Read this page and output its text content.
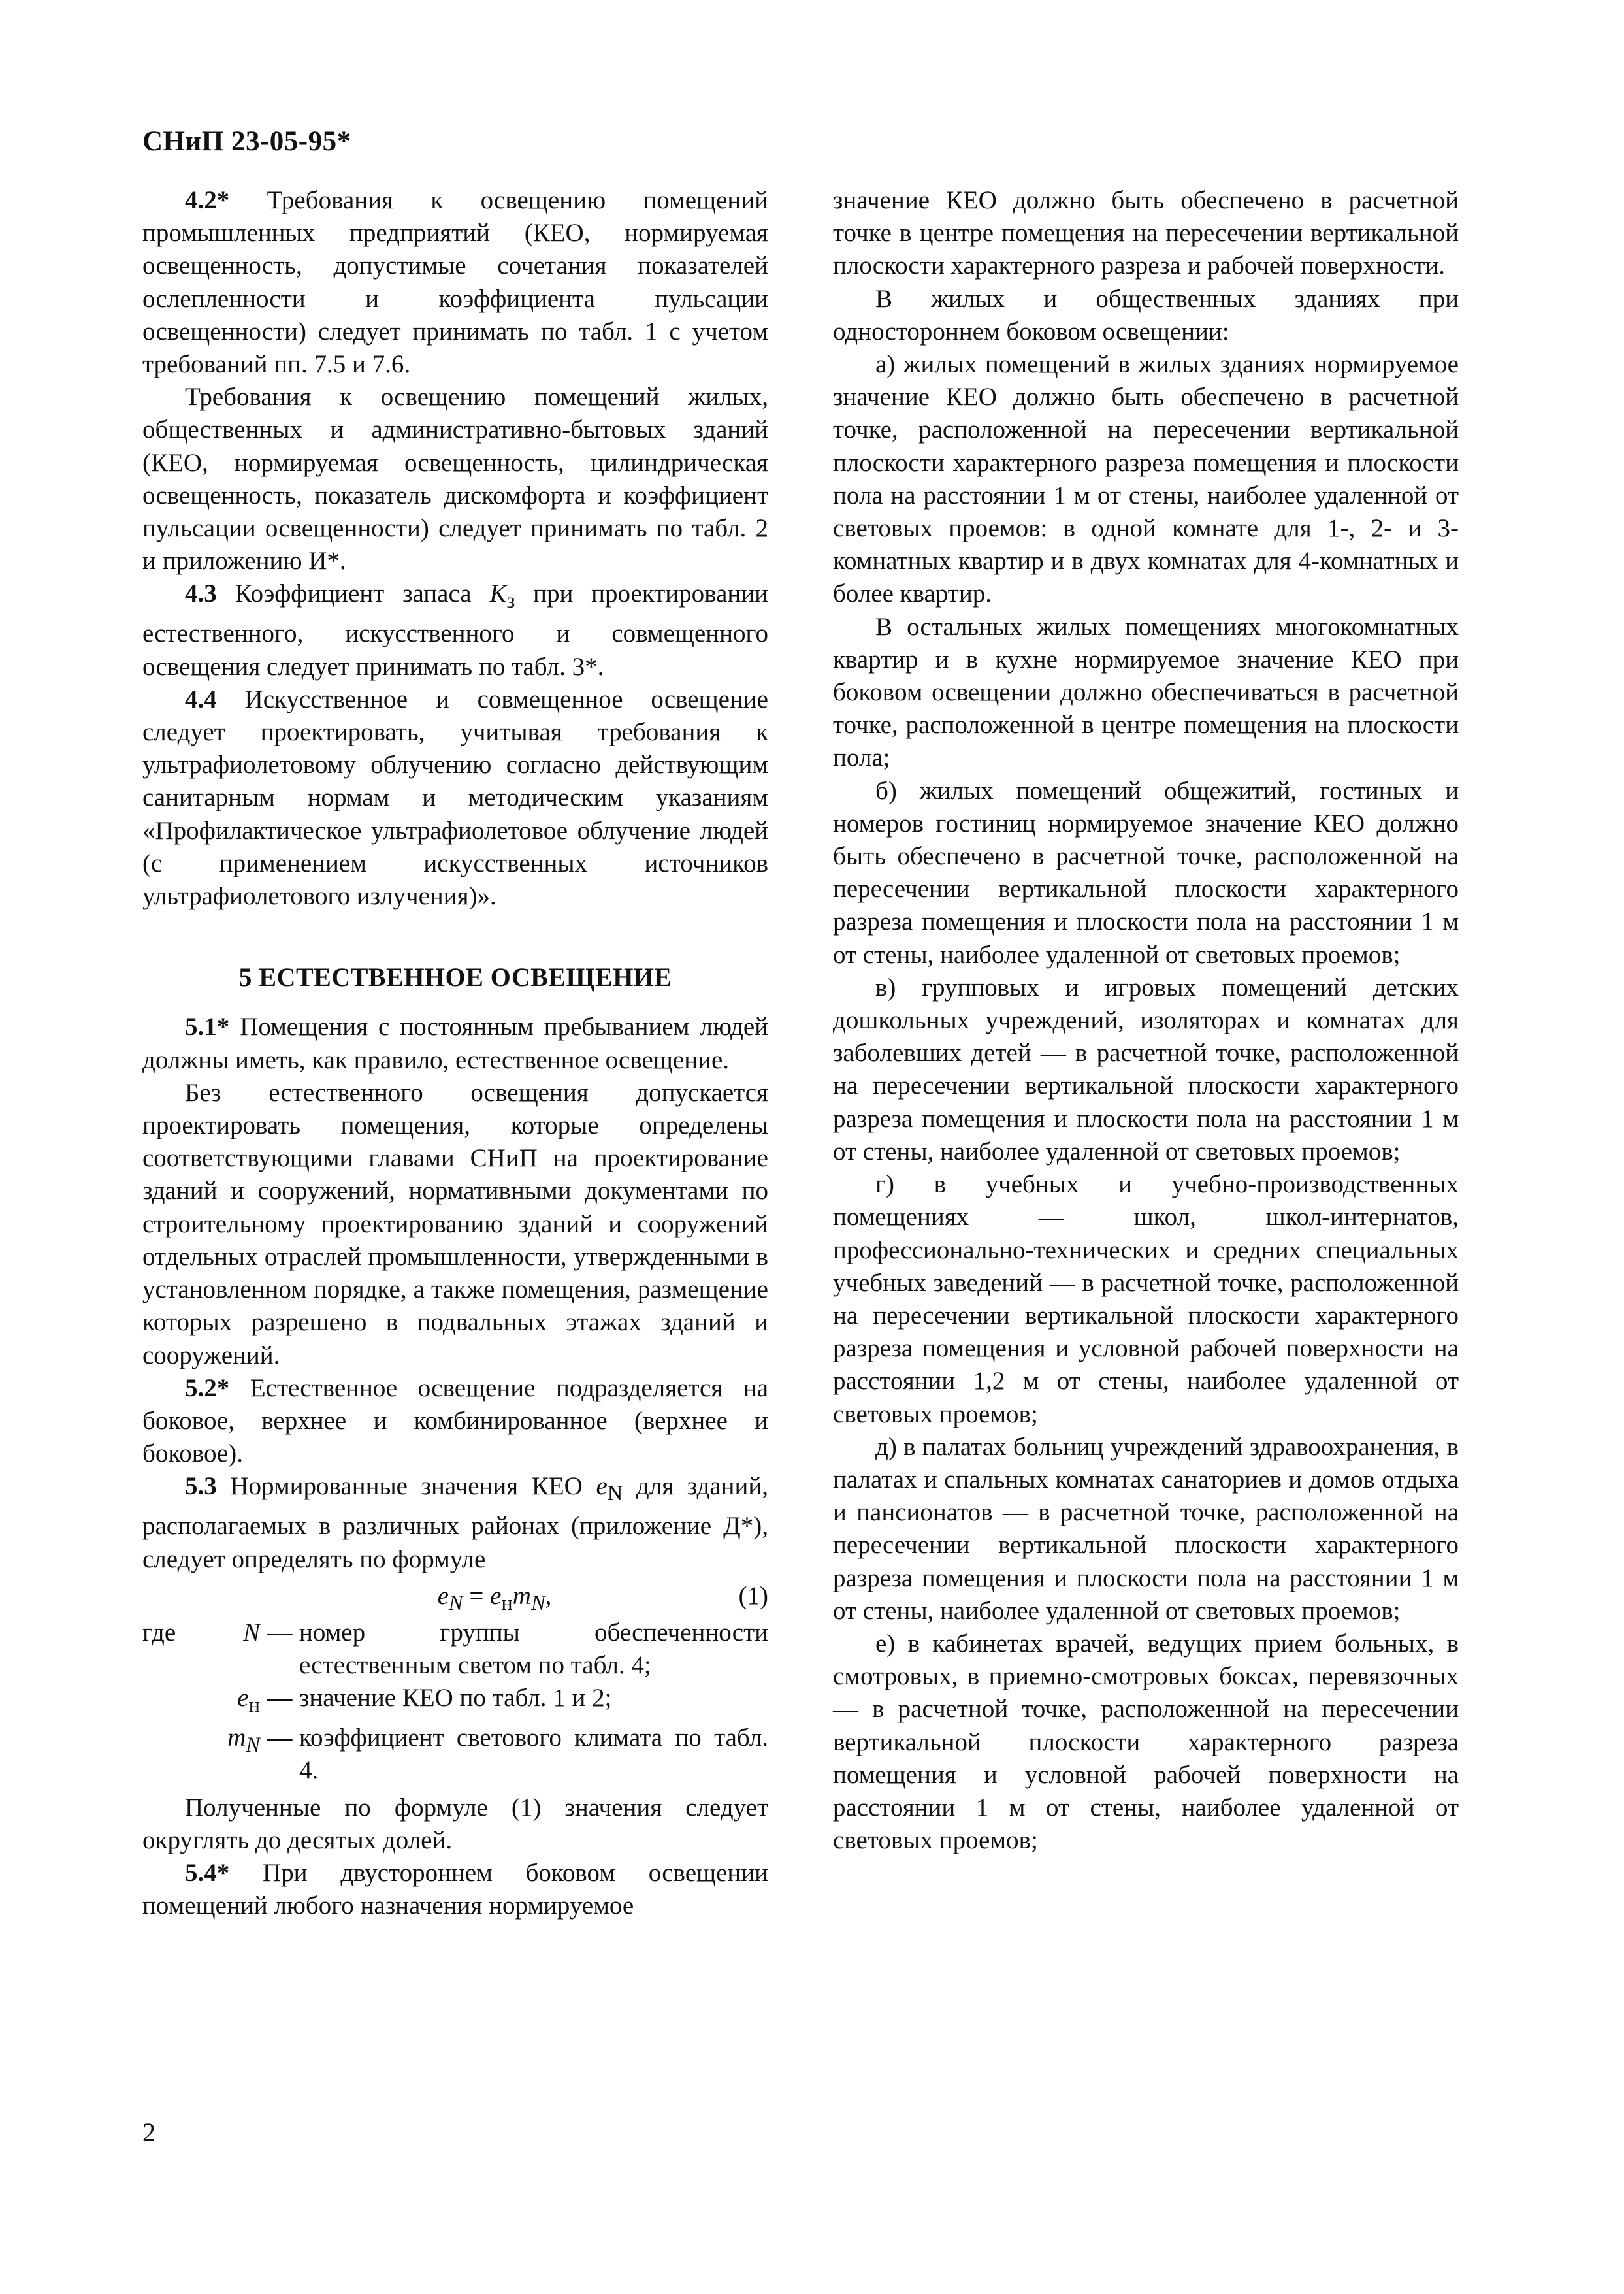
СНиП 23-05-95*

4.2* Требования к освещению помещений промышленных предприятий (КЕО, нормируемая освещенность, допустимые сочетания показателей ослепленности и коэффициента пульсации освещенности) следует принимать по табл. 1 с учетом требований пп. 7.5 и 7.6.

Требования к освещению помещений жилых, общественных и административно-бытовых зданий (КЕО, нормируемая освещенность, цилиндрическая освещенность, показатель дискомфорта и коэффициент пульсации освещенности) следует принимать по табл. 2 и приложению И*.

4.3 Коэффициент запаса $K_з$ при проектировании естественного, искусственного и совмещенного освещения следует принимать по табл. 3*.

4.4 Искусственное и совмещенное освещение следует проектировать, учитывая требования к ультрафиолетовому облучению согласно действующим санитарным нормам и методическим указаниям «Профилактическое ультрафиолетовое облучение людей (с применением искусственных источников ультрафиолетового излучения)».

5 ЕСТЕСТВЕННОЕ ОСВЕЩЕНИЕ

5.1* Помещения с постоянным пребыванием людей должны иметь, как правило, естественное освещение.

Без естественного освещения допускается проектировать помещения, которые определены соответствующими главами СНиП на проектирование зданий и сооружений, нормативными документами по строительному проектированию зданий и сооружений отдельных отраслей промышленности, утвержденными в установленном порядке, а также помещения, размещение которых разрешено в подвальных этажах зданий и сооружений.

5.2* Естественное освещение подразделяется на боковое, верхнее и комбинированное (верхнее и боковое).

5.3 Нормированные значения КЕО $e_N$ для зданий, располагаемых в различных районах (приложение Д*), следует определять по формуле

$e_N = e_нm_N$,	(1)

где	N — номер группы обеспеченности естественным светом по табл. 4;
$e_н$ — значение КЕО по табл. 1 и 2;
$m_N$ — коэффициент светового климата по табл. 4.

Полученные по формуле (1) значения следует округлять до десятых долей.

5.4* При двустороннем боковом освещении помещений любого назначения нормируемое

значение КЕО должно быть обеспечено в расчетной точке в центре помещения на пересечении вертикальной плоскости характерного разреза и рабочей поверхности.

В жилых и общественных зданиях при одностороннем боковом освещении:

а) жилых помещений в жилых зданиях нормируемое значение КЕО должно быть обеспечено в расчетной точке, расположенной на пересечении вертикальной плоскости характерного разреза помещения и плоскости пола на расстоянии 1 м от стены, наиболее удаленной от световых проемов: в одной комнате для 1-, 2- и 3-комнатных квартир и в двух комнатах для 4-комнатных и более квартир.

В остальных жилых помещениях многокомнатных квартир и в кухне нормируемое значение КЕО при боковом освещении должно обеспечиваться в расчетной точке, расположенной в центре помещения на плоскости пола;

б) жилых помещений общежитий, гостиных и номеров гостиниц нормируемое значение КЕО должно быть обеспечено в расчетной точке, расположенной на пересечении вертикальной плоскости характерного разреза помещения и плоскости пола на расстоянии 1 м от стены, наиболее удаленной от световых проемов;

в) групповых и игровых помещений детских дошкольных учреждений, изоляторах и комнатах для заболевших детей — в расчетной точке, расположенной на пересечении вертикальной плоскости характерного разреза помещения и плоскости пола на расстоянии 1 м от стены, наиболее удаленной от световых проемов;

г) в учебных и учебно-производственных помещениях — школ, школ-интернатов, профессионально-технических и средних специальных учебных заведений — в расчетной точке, расположенной на пересечении вертикальной плоскости характерного разреза помещения и условной рабочей поверхности на расстоянии 1,2 м от стены, наиболее удаленной от световых проемов;

д) в палатах больниц учреждений здравоохранения, в палатах и спальных комнатах санаториев и домов отдыха и пансионатов — в расчетной точке, расположенной на пересечении вертикальной плоскости характерного разреза помещения и плоскости пола на расстоянии 1 м от стены, наиболее удаленной от световых проемов;

е) в кабинетах врачей, ведущих прием больных, в смотровых, в приемно-смотровых боксах, перевязочных — в расчетной точке, расположенной на пересечении вертикальной плоскости характерного разреза помещения и условной рабочей поверхности на расстоянии 1 м от стены, наиболее удаленной от световых проемов;

2
